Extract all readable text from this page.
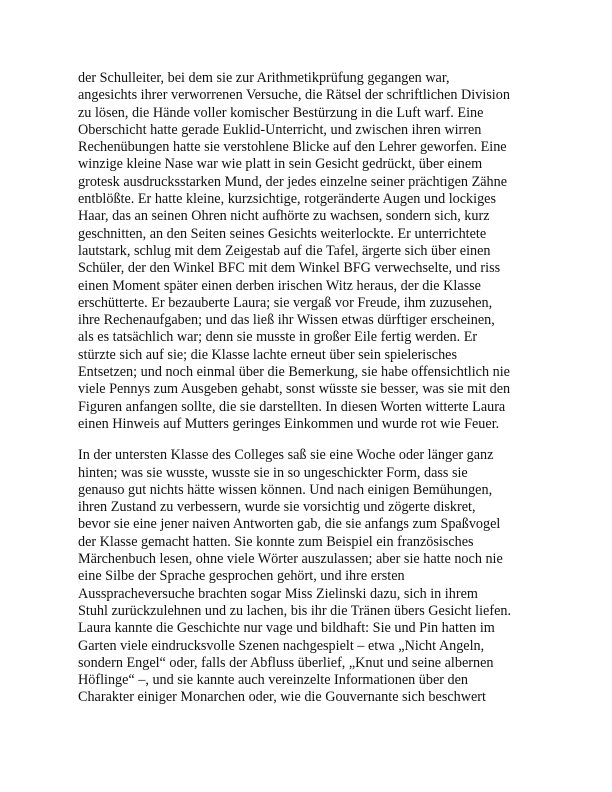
der Schulleiter, bei dem sie zur Arithmetikprüfung gegangen war,
angesichts ihrer verworrenen Versuche, die Rätsel der schriftlichen Division
zu lösen, die Hände voller komischer Bestürzung in die Luft warf. Eine
Oberschicht hatte gerade Euklid-Unterricht, und zwischen ihren wirren
Rechenübungen hatte sie verstohlene Blicke auf den Lehrer geworfen. Eine
winzige kleine Nase war wie platt in sein Gesicht gedrückt, über einem
grotesk ausdrucksstarken Mund, der jedes einzelne seiner prächtigen Zähne
entblößte. Er hatte kleine, kurzsichtige, rotgeränderte Augen und lockiges
Haar, das an seinen Ohren nicht aufhörte zu wachsen, sondern sich, kurz
geschnitten, an den Seiten seines Gesichts weiterlockte. Er unterrichtete
lautstark, schlug mit dem Zeigestab auf die Tafel, ärgerte sich über einen
Schüler, der den Winkel BFC mit dem Winkel BFG verwechselte, und riss
einen Moment später einen derben irischen Witz heraus, der die Klasse
erschütterte. Er bezauberte Laura; sie vergaß vor Freude, ihm zuzusehen,
ihre Rechenaufgaben; und das ließ ihr Wissen etwas dürftiger erscheinen,
als es tatsächlich war; denn sie musste in großer Eile fertig werden. Er
stürzte sich auf sie; die Klasse lachte erneut über sein spielerisches
Entsetzen; und noch einmal über die Bemerkung, sie habe offensichtlich nie
viele Pennys zum Ausgeben gehabt, sonst wüsste sie besser, was sie mit den
Figuren anfangen sollte, die sie darstellten. In diesen Worten witterte Laura
einen Hinweis auf Mutters geringes Einkommen und wurde rot wie Feuer.
In der untersten Klasse des Colleges saß sie eine Woche oder länger ganz
hinten; was sie wusste, wusste sie in so ungeschickter Form, dass sie
genauso gut nichts hätte wissen können. Und nach einigen Bemühungen,
ihren Zustand zu verbessern, wurde sie vorsichtig und zögerte diskret,
bevor sie eine jener naiven Antworten gab, die sie anfangs zum Spaßvogel
der Klasse gemacht hatten. Sie konnte zum Beispiel ein französisches
Märchenbuch lesen, ohne viele Wörter auszulassen; aber sie hatte noch nie
eine Silbe der Sprache gesprochen gehört, und ihre ersten
Ausspracheversuche brachten sogar Miss Zielinski dazu, sich in ihrem
Stuhl zurückzulehnen und zu lachen, bis ihr die Tränen übers Gesicht liefen.
Laura kannte die Geschichte nur vage und bildhaft: Sie und Pin hatten im
Garten viele eindrucksvolle Szenen nachgespielt – etwa „Nicht Angeln,
sondern Engel“ oder, falls der Abfluss überlief, „Knut und seine albernen
Höflinge“ –, und sie kannte auch vereinzelte Informationen über den
Charakter einiger Monarchen oder, wie die Gouvernante sich beschwert
